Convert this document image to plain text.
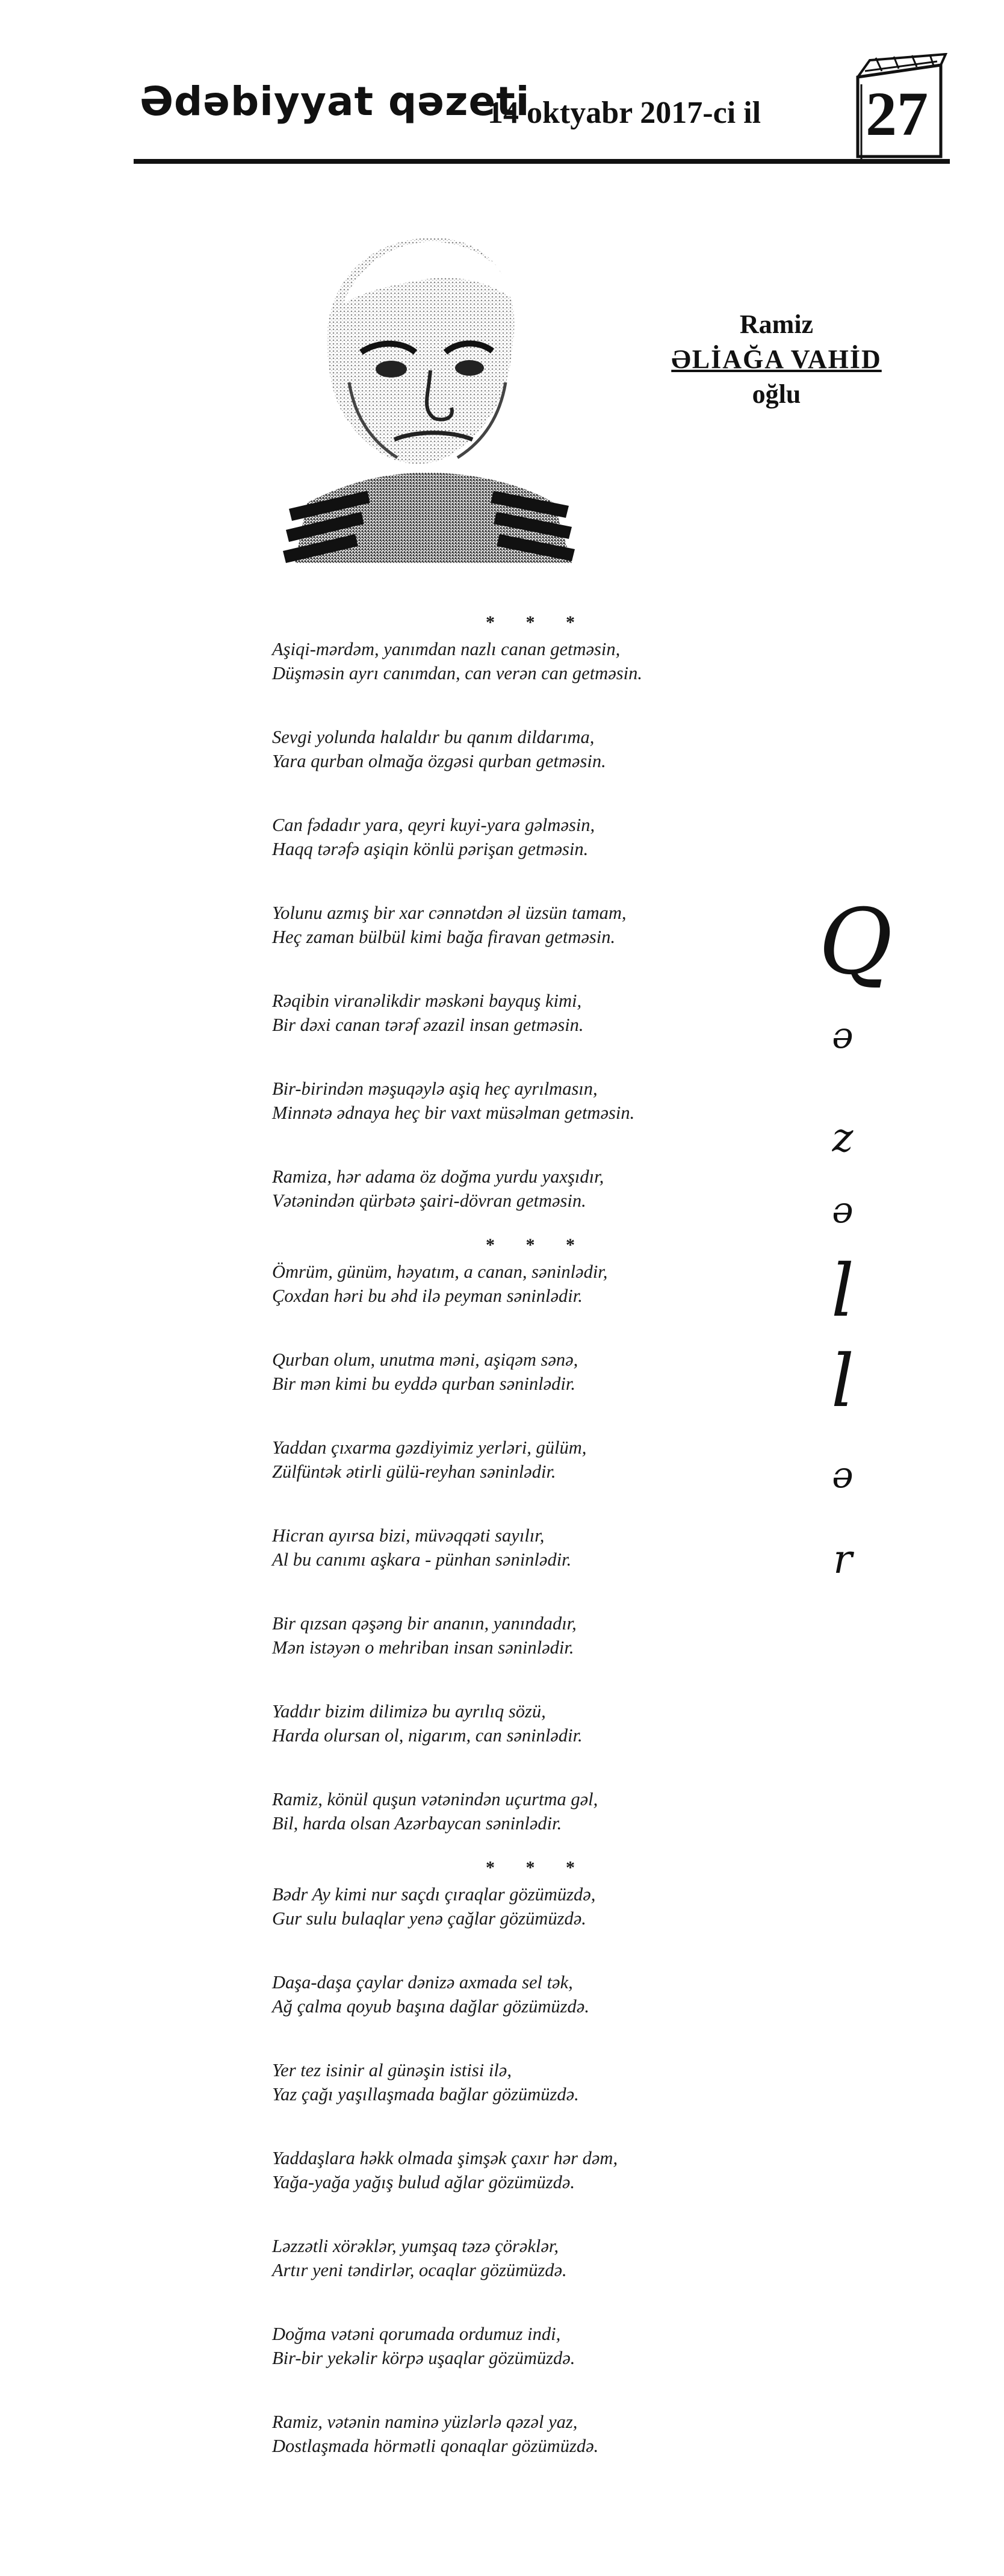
Ədəbiyyat qəzeti
14 oktyabr 2017-ci il 27
Ramiz
ƏLİAĞA VAHİD
oğlu
* * *
Aşiqi-mərdəm, yanımdan nazlı canan getməsin,
Düşməsin ayrı canımdan, can verən can getməsin.
Sevgi yolunda halaldır bu qanım dildarıma,
Yara qurban olmağa özgəsi qurban getməsin.
Can fədadır yara, qeyri kuyi-yara gəlməsin,
Haqq tərəfə aşiqin könlü pərişan getməsin.
Yolunu azmış bir xar cənnətdən əl üzsün tamam,
Heç zaman bülbül kimi bağa firavan getməsin.
Rəqibin viranəlikdir məskəni bayquş kimi,
Bir dəxi canan tərəf əzazil insan getməsin.
Bir-birindən məşuqəylə aşiq heç ayrılmasın,
Minnətə ədnaya heç bir vaxt müsəlman getməsin.
Ramiza, hər adama öz doğma yurdu yaxşıdır,
Vətənindən qürbətə şairi-dövran getməsin.
* * *
Ömrüm, günüm, həyatım, a canan, səninlədir,
Çoxdan həri bu əhd ilə peyman səninlədir.
Qurban olum, unutma məni, aşiqəm sənə,
Bir mən kimi bu eyddə qurban səninlədir.
Yaddan çıxarma gəzdiyimiz yerləri, gülüm,
Zülfüntək ətirli gülü-reyhan səninlədir.
Hicran ayırsa bizi, müvəqqəti sayılır,
Al bu canımı aşkara - pünhan səninlədir.
Bir qızsan qəşəng bir ananın, yanındadır,
Mən istəyən o mehriban insan səninlədir.
Yaddır bizim dilimizə bu ayrılıq sözü,
Harda olursan ol, nigarım, can səninlədir.
Ramiz, könül quşun vətənindən uçurtma gəl,
Bil, harda olsan Azərbaycan səninlədir.
* * *
Bədr Ay kimi nur saçdı çıraqlar gözümüzdə,
Gur sulu bulaqlar yenə çağlar gözümüzdə.
Daşa-daşa çaylar dənizə axmada sel tək,
Ağ çalma qoyub başına dağlar gözümüzdə.
Yer tez isinir al günəşin istisi ilə,
Yaz çağı yaşıllaşmada bağlar gözümüzdə.
Yaddaşlara həkk olmada şimşək çaxır hər dəm,
Yağa-yağa yağış bulud ağlar gözümüzdə.
Ləzzətli xörəklər, yumşaq təzə çörəklər,
Artır yeni təndirlər, ocaqlar gözümüzdə.
Doğma vətəni qorumada ordumuz indi,
Bir-bir yekəlir körpə uşaqlar gözümüzdə.
Ramiz, vətənin naminə yüzlərlə qəzəl yaz,
Dostlaşmada hörmətli qonaqlar gözümüzdə.
Q
ə
z
ə
l
l
ə
r
